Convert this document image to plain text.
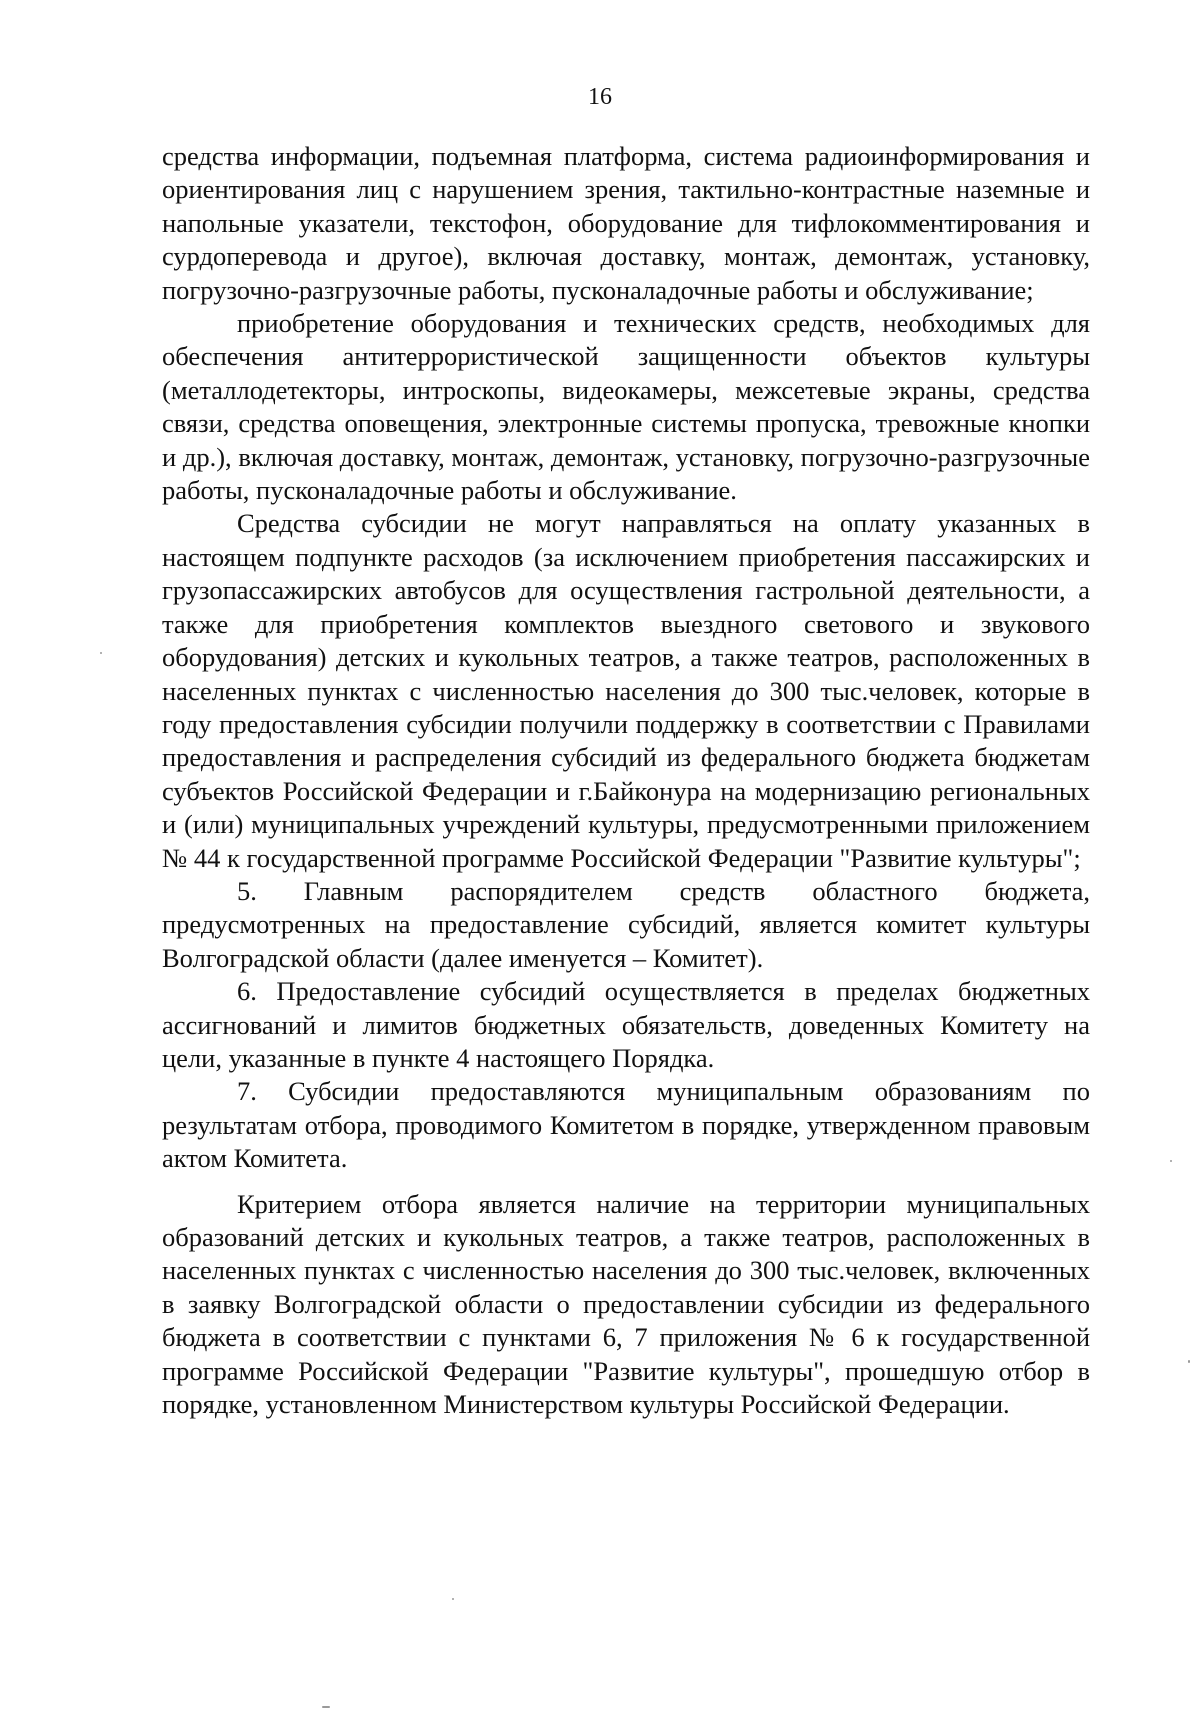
16

средства информации, подъемная платформа, система радиоинформирования и ориентирования лиц с нарушением зрения, тактильно-контрастные наземные и напольные указатели, текстофон, оборудование для тифлокомментирования и сурдоперевода и другое), включая доставку, монтаж, демонтаж, установку, погрузочно-разгрузочные работы, пусконаладочные работы и обслуживание;

приобретение оборудования и технических средств, необходимых для обеспечения антитеррористической защищенности объектов культуры (металлодетекторы, интроскопы, видеокамеры, межсетевые экраны, средства связи, средства оповещения, электронные системы пропуска, тревожные кнопки и др.), включая доставку, монтаж, демонтаж, установку, погрузочно-разгрузочные работы, пусконаладочные работы и обслуживание.

Средства субсидии не могут направляться на оплату указанных в настоящем подпункте расходов (за исключением приобретения пассажирских и грузопассажирских автобусов для осуществления гастрольной деятельности, а также для приобретения комплектов выездного светового и звукового оборудования) детских и кукольных театров, а также театров, расположенных в населенных пунктах с численностью населения до 300 тыс.человек, которые в году предоставления субсидии получили поддержку в соответствии с Правилами предоставления и распределения субсидий из федерального бюджета бюджетам субъектов Российской Федерации и г.Байконура на модернизацию региональных и (или) муниципальных учреждений культуры, предусмотренными приложением № 44 к государственной программе Российской Федерации "Развитие культуры";

5. Главным распорядителем средств областного бюджета, предусмотренных на предоставление субсидий, является комитет культуры Волгоградской области (далее именуется – Комитет).

6. Предоставление субсидий осуществляется в пределах бюджетных ассигнований и лимитов бюджетных обязательств, доведенных Комитету на цели, указанные в пункте 4 настоящего Порядка.

7. Субсидии предоставляются муниципальным образованиям по результатам отбора, проводимого Комитетом в порядке, утвержденном правовым актом Комитета.

Критерием отбора является наличие на территории муниципальных образований детских и кукольных театров, а также театров, расположенных в населенных пунктах с численностью населения до 300 тыс.человек, включенных в заявку Волгоградской области о предоставлении субсидии из федерального бюджета в соответствии с пунктами 6, 7 приложения № 6 к государственной программе Российской Федерации "Развитие культуры", прошедшую отбор в порядке, установленном Министерством культуры Российской Федерации.
